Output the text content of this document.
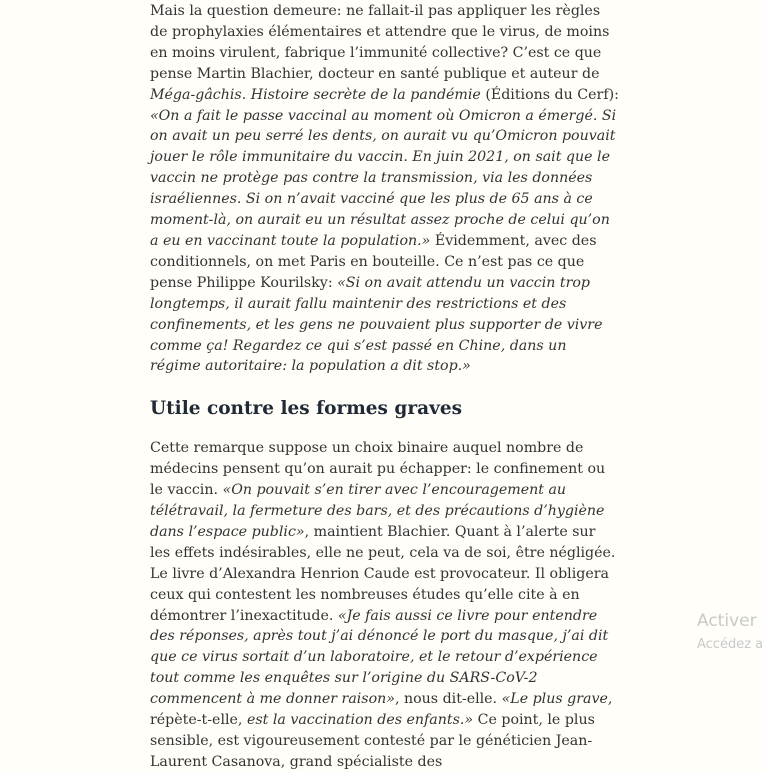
Mais la question demeure: ne fallait-il pas appliquer les règles de prophylaxies élémentaires et attendre que le virus, de moins en moins virulent, fabrique l’immunité collective? C’est ce que pense Martin Blachier, docteur en santé publique et auteur de Méga-gâchis. Histoire secrète de la pandémie (Éditions du Cerf): «On a fait le passe vaccinal au moment où Omicron a émergé. Si on avait un peu serré les dents, on aurait vu qu’Omicron pouvait jouer le rôle immunitaire du vaccin. En juin 2021, on sait que le vaccin ne protège pas contre la transmission, via les données israéliennes. Si on n’avait vacciné que les plus de 65 ans à ce moment-là, on aurait eu un résultat assez proche de celui qu’on a eu en vaccinant toute la population.» Évidemment, avec des conditionnels, on met Paris en bouteille. Ce n’est pas ce que pense Philippe Kourilsky: «Si on avait attendu un vaccin trop longtemps, il aurait fallu maintenir des restrictions et des confinements, et les gens ne pouvaient plus supporter de vivre comme ça! Regardez ce qui s’est passé en Chine, dans un régime autoritaire: la population a dit stop.»

Utile contre les formes graves

Cette remarque suppose un choix binaire auquel nombre de médecins pensent qu’on aurait pu échapper: le confinement ou le vaccin. «On pouvait s’en tirer avec l’encouragement au télétravail, la fermeture des bars, et des précautions d’hygiène dans l’espace public», maintient Blachier. Quant à l’alerte sur les effets indésirables, elle ne peut, cela va de soi, être négligée. Le livre d’Alexandra Henrion Caude est provocateur. Il obligera ceux qui contestent les nombreuses études qu’elle cite à en démontrer l’inexactitude. «Je fais aussi ce livre pour entendre des réponses, après tout j’ai dénoncé le port du masque, j’ai dit que ce virus sortait d’un laboratoire, et le retour d’expérience tout comme les enquêtes sur l’origine du SARS-CoV-2 commencent à me donner raison», nous dit-elle. «Le plus grave, répète-t-elle, est la vaccination des enfants.» Ce point, le plus sensible, est vigoureusement contesté par le généticien Jean-Laurent Casanova, grand spécialiste des

Activer
Accédez a
